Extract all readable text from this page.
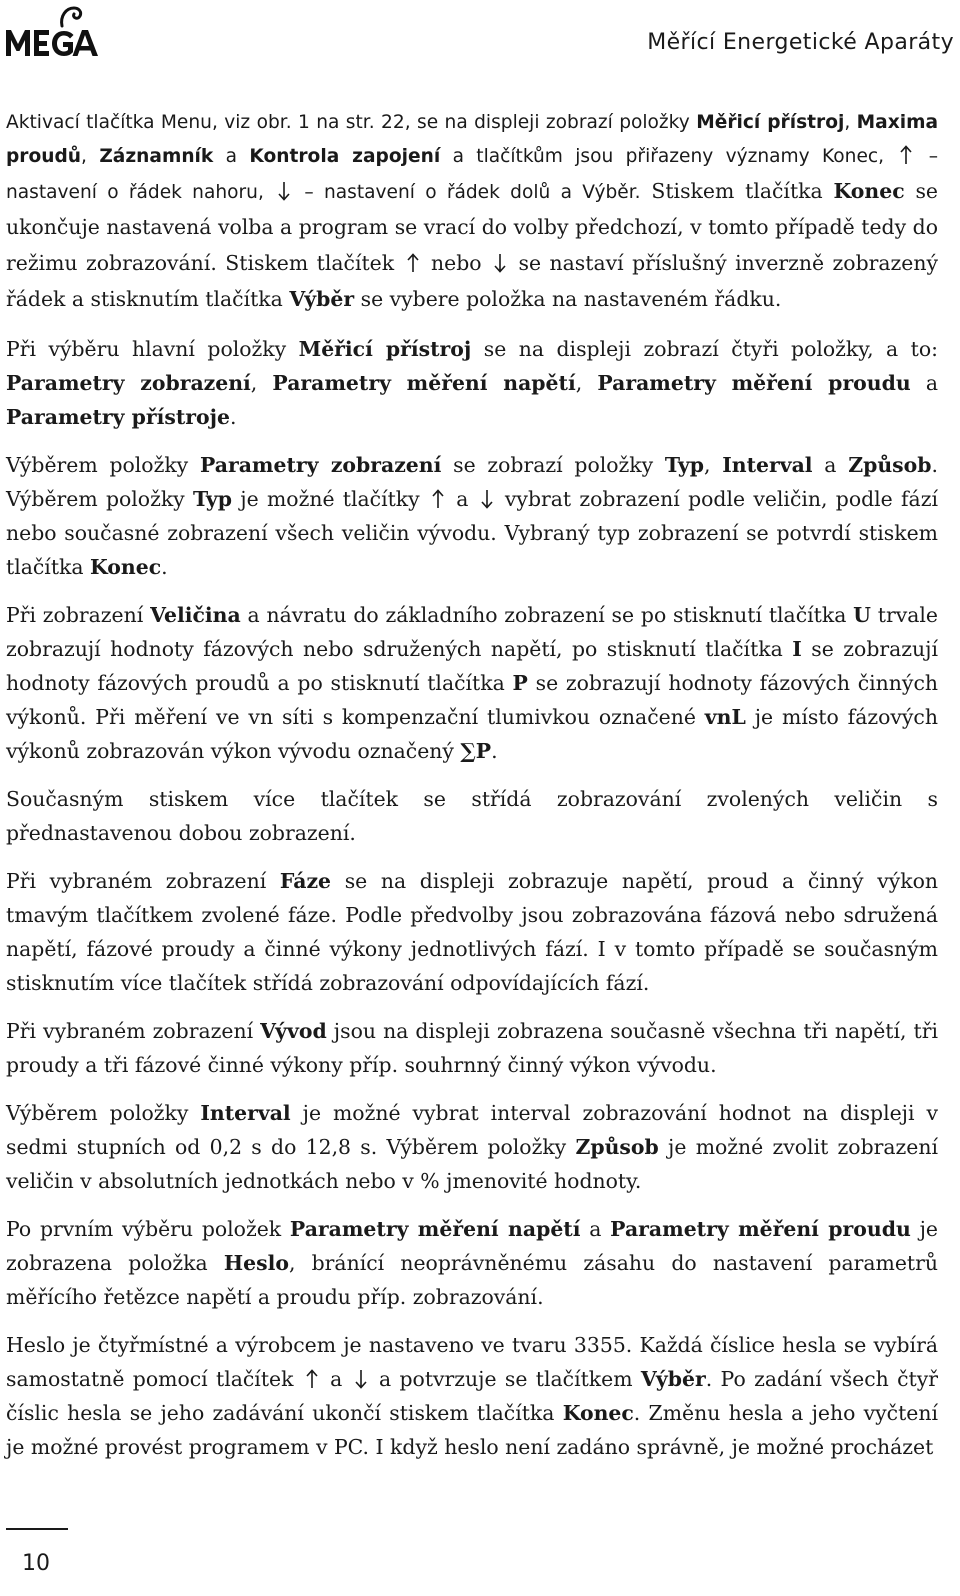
Měřící Energetické Aparáty

Aktivací tlačítka Menu, viz obr. 1 na str. 22, se na displeji zobrazí položky Měřicí přístroj, Maxima proudů, Záznamník a Kontrola zapojení a tlačítkům jsou přiřazeny významy Konec,
– nastavení o řádek nahoru,
– nastavení o řádek dolů a Výběr. Stiskem tlačítka Konec se ukončuje nastavená volba a program se vrací do volby předchozí, v tomto případě tedy do režimu zobrazování. Stiskem tlačítek
nebo
se nastaví příslušný inverzně zobrazený řádek a stisknutím tlačítka Výběr se vybere položka na nastaveném řádku.

Při výběru hlavní položky Měřicí přístroj se na displeji zobrazí čtyři položky, a to: Parametry zobrazení, Parametry měření napětí, Parametry měření proudu a Parametry přístroje.

Výběrem položky Parametry zobrazení se zobrazí položky Typ, Interval a Způsob. Výběrem položky Typ je možné tlačítky
a
vybrat zobrazení podle veličin, podle fází nebo současné zobrazení všech veličin vývodu. Vybraný typ zobrazení se potvrdí stiskem tlačítka Konec.

Při zobrazení Veličina a návratu do základního zobrazení se po stisknutí tlačítka U trvale zobrazují hodnoty fázových nebo sdružených napětí, po stisknutí tlačítka I se zobrazují hodnoty fázových proudů a po stisknutí tlačítka P se zobrazují hodnoty fázových činných výkonů. Při měření ve vn síti s kompenzační tlumivkou označené vnL je místo fázových výkonů zobrazován výkon vývodu označený ∑P.

Současným stiskem více tlačítek se střídá zobrazování zvolených veličin s přednastavenou dobou zobrazení.

Při vybraném zobrazení Fáze se na displeji zobrazuje napětí, proud a činný výkon tmavým tlačítkem zvolené fáze. Podle předvolby jsou zobrazována fázová nebo sdružená napětí, fázové proudy a činné výkony jednotlivých fází. I v tomto případě se současným stisknutím více tlačítek střídá zobrazování odpovídajících fází.

Při vybraném zobrazení Vývod jsou na displeji zobrazena současně všechna tři napětí, tři proudy a tři fázové činné výkony příp. souhrnný činný výkon vývodu.

Výběrem položky Interval je možné vybrat interval zobrazování hodnot na displeji v sedmi stupních od 0,2 s do 12,8 s. Výběrem položky Způsob je možné zvolit zobrazení veličin v absolutních jednotkách nebo v % jmenovité hodnoty.

Po prvním výběru položek Parametry měření napětí a Parametry měření proudu je zobrazena položka Heslo, bránící neoprávněnému zásahu do nastavení parametrů měřícího řetězce napětí a proudu příp. zobrazování.

Heslo je čtyřmístné a výrobcem je nastaveno ve tvaru 3355. Každá číslice hesla se vybírá samostatně pomocí tlačítek
a
a potvrzuje se tlačítkem Výběr. Po zadání všech čtyř číslic hesla se jeho zadávání ukončí stiskem tlačítka Konec. Změnu hesla a jeho vyčtení je možné provést programem v PC. I když heslo není zadáno správně, je možné procházet

10
